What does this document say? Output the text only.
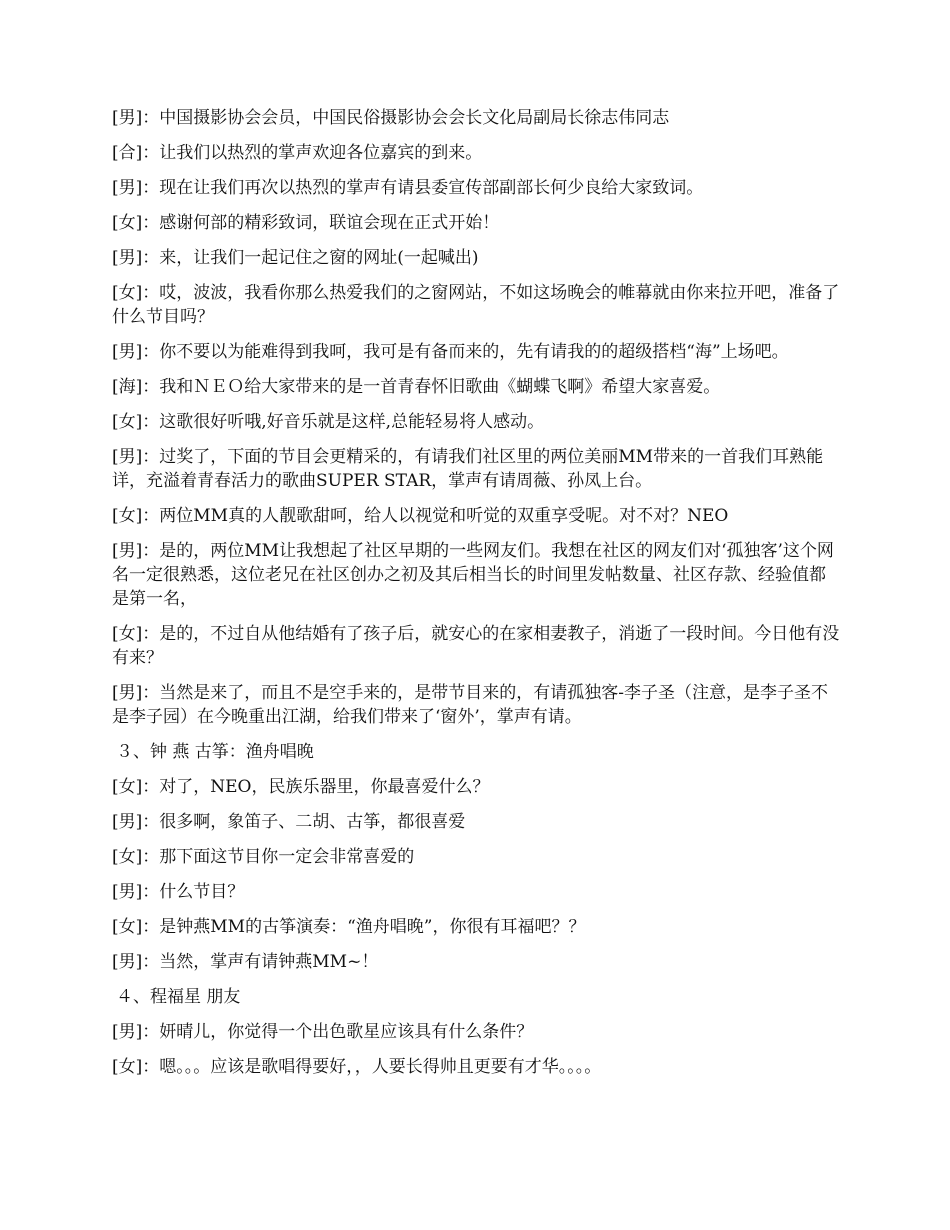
[男]：中国摄影协会会员，中国民俗摄影协会会长文化局副局长徐志伟同志

[合]：让我们以热烈的掌声欢迎各位嘉宾的到来。

[男]：现在让我们再次以热烈的掌声有请县委宣传部副部长何少良给大家致词。

[女]：感谢何部的精彩致词，联谊会现在正式开始！

[男]：来，让我们一起记住之窗的网址(一起喊出)

[女]：哎，波波，我看你那么热爱我们的之窗网站，不如这场晚会的帷幕就由你来拉开吧，准备了什么节目吗？

[男]：你不要以为能难得到我呵，我可是有备而来的，先有请我的的超级搭档“海”上场吧。

[海]：我和ＮＥＯ给大家带来的是一首青春怀旧歌曲《蝴蝶飞啊》希望大家喜爱。

[女]：这歌很好听哦,好音乐就是这样,总能轻易将人感动。

[男]：过奖了，下面的节目会更精采的，有请我们社区里的两位美丽MM带来的一首我们耳熟能详，充溢着青春活力的歌曲SUPER STAR，掌声有请周薇、孙凤上台。

[女]：两位MM真的人靓歌甜呵，给人以视觉和听觉的双重享受呢。对不对？NEO

[男]：是的，两位MM让我想起了社区早期的一些网友们。我想在社区的网友们对‘孤独客’这个网名一定很熟悉，这位老兄在社区创办之初及其后相当长的时间里发帖数量、社区存款、经验值都是第一名，

[女]：是的，不过自从他结婚有了孩子后，就安心的在家相妻教子，消逝了一段时间。今日他有没有来？

[男]：当然是来了，而且不是空手来的，是带节目来的，有请孤独客-李子圣（注意，是李子圣不是李子园）在今晚重出江湖，给我们带来了‘窗外’，掌声有请。

３、钟 燕 古筝：渔舟唱晚

[女]：对了，NEO，民族乐器里，你最喜爱什么？

[男]：很多啊，象笛子、二胡、古筝，都很喜爱

[女]：那下面这节目你一定会非常喜爱的

[男]：什么节目？

[女]：是钟燕MM的古筝演奏：“渔舟唱晚”，你很有耳福吧？？

[男]：当然，掌声有请钟燕MM~！

４、程福星 朋友

[男]：妍晴儿，你觉得一个出色歌星应该具有什么条件？

[女]：嗯。。。应该是歌唱得要好，，人要长得帅且更要有才华。。。。
